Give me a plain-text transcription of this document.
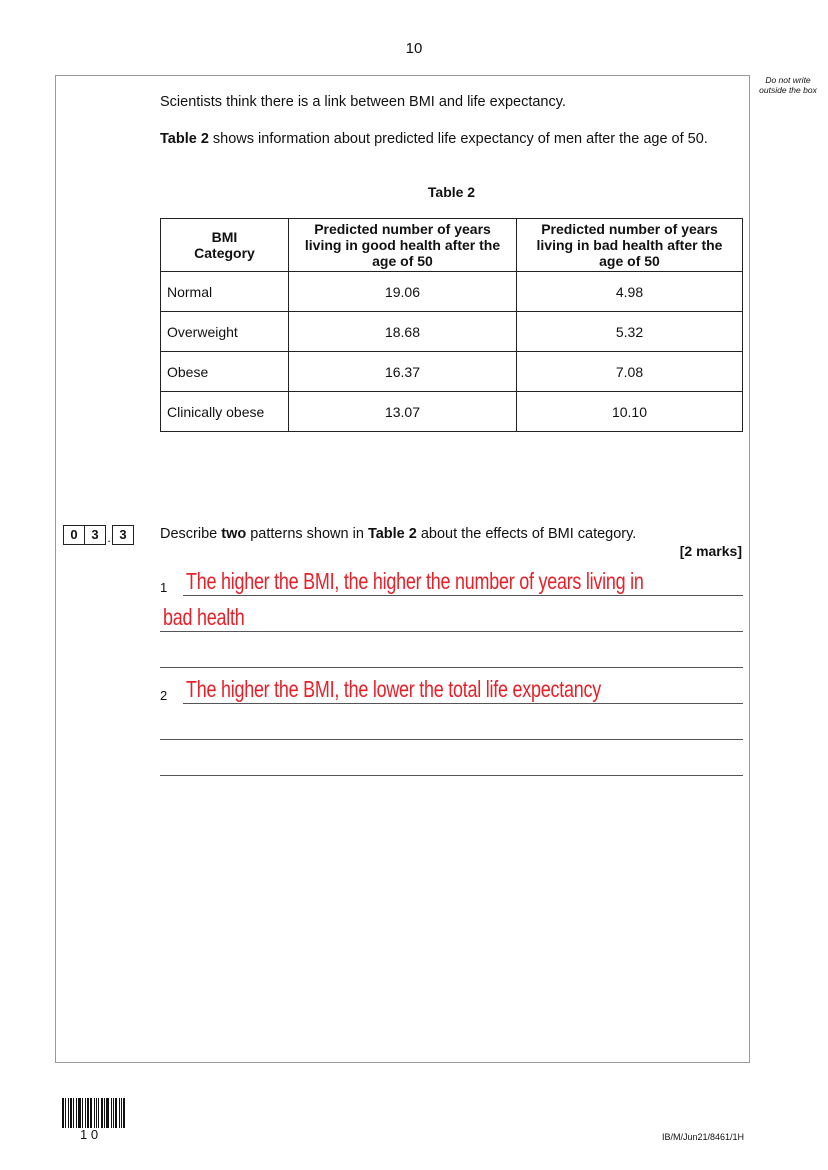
10
Do not write outside the box
Scientists think there is a link between BMI and life expectancy.
Table 2 shows information about predicted life expectancy of men after the age of 50.
Table 2
BMI Category	Predicted number of years living in good health after the age of 50	Predicted number of years living in bad health after the age of 50
Normal	19.06	4.98
Overweight	18.68	5.32
Obese	16.37	7.08
Clinically obese	13.07	10.10
0	3 . 3	Describe two patterns shown in Table 2 about the effects of BMI category.
[2 marks]
1
2
The higher the BMI, the higher the number of years living in
bad health
The higher the BMI, the lower the total life expectancy
1 0	IB/M/Jun21/8461/1H
